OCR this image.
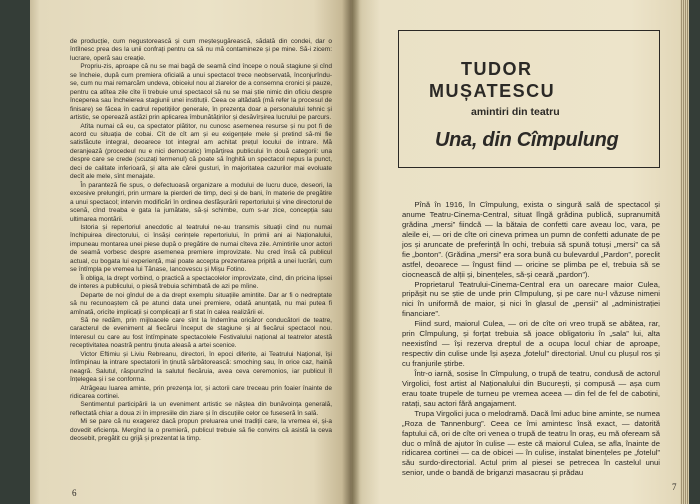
de producție, cum negustorească și cum meșteșugărească, sădată din condei, dar o întîlnesc prea des la unii confrați pentru ca să nu mă contamineze și pe mine. Să-i zicem: lucrare, operă sau creație.

Propriu-zis, aproape că nu se mai bagă de seamă cînd începe o nouă stagiune și cînd se încheie, după cum premiera oficială a unui spectacol trece neobservată, înconjurîndu-se, cum nu mai remarcăm undeva, obiceiul nou al ziarelor de a consemna cronici și pauze, pentru ca atîtea zile cîte îi trebuie unui spectacol să nu se mai știe nimic din oficiu despre începerea sau încheierea stagiunii unei instituții. Ceea ce altădată (mă refer la procesul de finisare) se făcea în cadrul repetițiilor generale, în prezența doar a personalului tehnic și artistic, se operează astăzi prin aplicarea îmbunătățirilor și desăvîrșirea lucrului pe parcurs.

Atîta numai că eu, ca spectator plătitor, nu cunosc asemenea resurse și nu pot fi de acord cu situația de cobai. Cît de cît am și eu exigențele mele și pretind să-mi fie satisfăcute integral, deoarece tot integral am achitat prețul locului de intrare. Mă deranjează (procedeul nu e nici democratic) împărțirea publicului în două categorii: una despre care se crede (scuzați termenul) că poate să înghită un spectacol nepus la punct, deci de calitate inferioară, și alta ale cărei gusturi, în majoritatea cazurilor mai evoluate decît ale mele, sînt menajate.

În paranteză fie spus, o defectuoasă organizare a modului de lucru duce, deseori, la excesive prelungiri, prin urmare la pierderi de timp, deci și de bani, în materie de pregătire a unui spectacol; intervin modificări în ordinea desfășurării repertoriului și vine directorul de scenă, cînd treaba e gata la jumătate, să-și schimbe, cum s-ar zice, concepția sau ultimarea montării.

Istoria și repertoriul anecdotic al teatrului ne-au transmis situații cînd nu numai închipuirea directorului, ci însăși cerințele repertoriului, în primii ani ai Naționalului, impuneau montarea unei piese după o pregătire de numai cîteva zile. Amintirile unor actori de seamă vorbesc despre asemenea premiere improvizate. Nu cred însă că publicul actual, cu bogata lui experiență, mai poate accepta prezentarea pripită a unei lucrări, cum se întîmpla pe vremea lui Tănase, Iancovescu și Mișu Fotino.

Îi obliga, la drept vorbind, o practică a spectacolelor improvizate, cînd, din pricina lipsei de interes a publicului, o piesă trebuia schimbată de azi pe mîine.

Departe de noi gîndul de a da drept exemplu situațiile amintite. Dar ar fi o nedreptate să nu recunoaștem că pe atunci data unei premiere, odată anunțată, nu mai putea fi amînată, oricîte implicații și complicații ar fi stat în calea realizării ei.

Să ne redăm, prin mijloacele care sînt la îndemîna oricăror conducători de teatre, caracterul de eveniment al fiecărui început de stagiune și al fiecărui spectacol nou. Interesul cu care au fost întîmpinate spectacolele Festivalului național al teatrelor atestă receptivitatea noastră pentru ținuta aleasă a artei scenice.

Victor Eftimiu și Liviu Rebreanu, directori, în epoci diferite, ai Teatrului Național, își întîmpinau la intrare spectatorii în ținută sărbătorească: smoching sau, în orice caz, haină neagră. Salutul, răspunzînd la salutul fiecăruia, avea ceva ceremonios, iar publicul îl înțelegea și i se conforma.

Atrăgeau luarea aminte, prin prezența lor, și actorii care treceau prin foaier înainte de ridicarea cortinei.

Sentimentul participării la un eveniment artistic se năștea din bunăvoința generală, reflectată chiar a doua zi în impresiile din ziare și în discuțiile celor ce fuseseră în sală.

Mi se pare că nu exagerez dacă propun preluarea unei tradiții care, la vremea ei, și-a dovedit eficiența. Mergînd la o premieră, publicul trebuie să fie convins că asistă la ceva deosebit, pregătit cu grijă și prezentat la timp.

6
TUDOR
MUȘATESCU
amintiri din teatru
Una, din Cîmpulung

Pînă în 1916, în Cîmpulung, exista o singură sală de spectacol și anume Teatru-Cinema-Central, situat lîngă grădina publică, supranumită grădina „mersi” fiindcă — la bătaia de confetti care aveau loc, vara, pe aleile ei, — ori de cîte ori cineva primea un pumn de confetti adunate de pe jos și aruncate de preferință în ochi, trebuia să spună totuși „mersi” ca să fie „bonton”. (Grădina „mersi” era sora bună cu bulevardul „Pardon”, poreclit astfel, deoarece — îngust fiind — oricine se plimba pe el, trebuia să se ciocnească de alții și, binențeles, să-și ceară „pardon”).

Proprietarul Teatrului-Cinema-Central era un oarecare maior Culea, pripășit nu se știe de unde prin Cîmpulung, și pe care nu-l văzuse nimeni nici în uniformă de maior, și nici în glasul de „pensii” al „administrației financiare”.

Fiind surd, maiorul Culea, — ori de cîte ori vreo trupă se abătea, rar, prin Cîmpulung, și forțat trebuia să joace obligatoriu în „sala” lui, alta neexistînd — își rezerva dreptul de a ocupa locul chiar de aproape, respectiv din culise unde își așeza „fotelul” directorial. Unul cu plușul ros și cu franjurile știrbe.

Într-o iarnă, sosise în Cîmpulung, o trupă de teatru, condusă de actorul Virgolici, fost artist al Naționalului din București, și compusă — așa cum erau toate trupele de turneu pe vremea aceea — din fel de fel de cabotini, ratați, sau actori fără angajament.

Trupa Virgolici juca o melodramă. Dacă îmi aduc bine aminte, se numea „Roza de Tannenburg”. Ceea ce îmi amintesc însă exact, — datorită faptului că, ori de cîte ori venea o trupă de teatru în oraș, eu mă ofeream să duc o mînă de ajutor în culise — este că maiorul Culea, se afla, înainte de ridicarea cortinei — ca de obicei — în culise, instalat binențeles pe „fotelul” său surdo-directorial. Actul prim al piesei se petrecea în castelul unui senior, unde o bandă de briganzi masacrau și prădau

7
